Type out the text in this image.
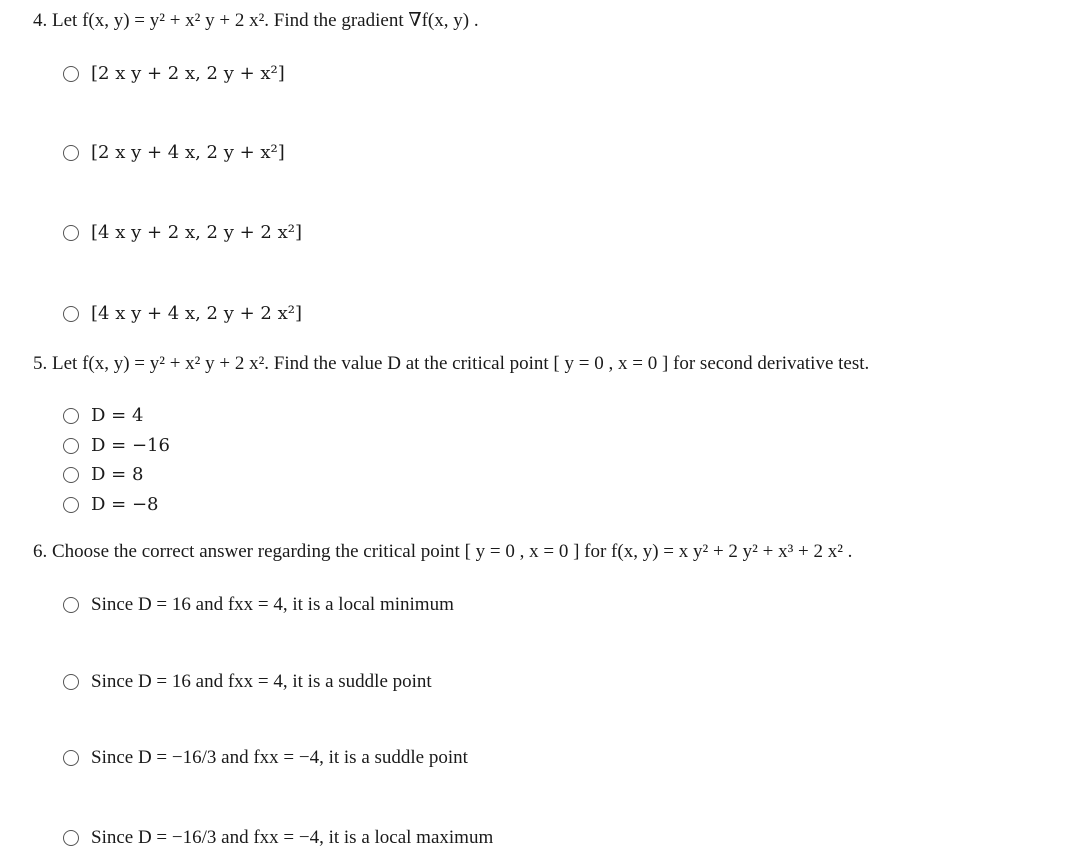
4. Let f(x, y) = y² + x² y + 2 x². Find the gradient ∇f(x, y) .
[2 x y + 2 x, 2 y + x²]
[2 x y + 4 x, 2 y + x²]
[4 x y + 2 x, 2 y + 2 x²]
[4 x y + 4 x, 2 y + 2 x²]
5. Let f(x, y) = y² + x² y + 2 x². Find the value D at the critical point [ y = 0 , x = 0 ] for second derivative test.
D = 4
D = −16
D = 8
D = −8
6. Choose the correct answer regarding the critical point [ y = 0 , x = 0 ] for f(x, y) = x y² + 2 y² + x³ + 2 x² .
Since D = 16 and fxx = 4, it is a local minimum
Since D = 16 and fxx = 4, it is a suddle point
Since D = −16/3 and fxx = −4, it is a suddle point
Since D = −16/3 and fxx = −4, it is a local maximum
